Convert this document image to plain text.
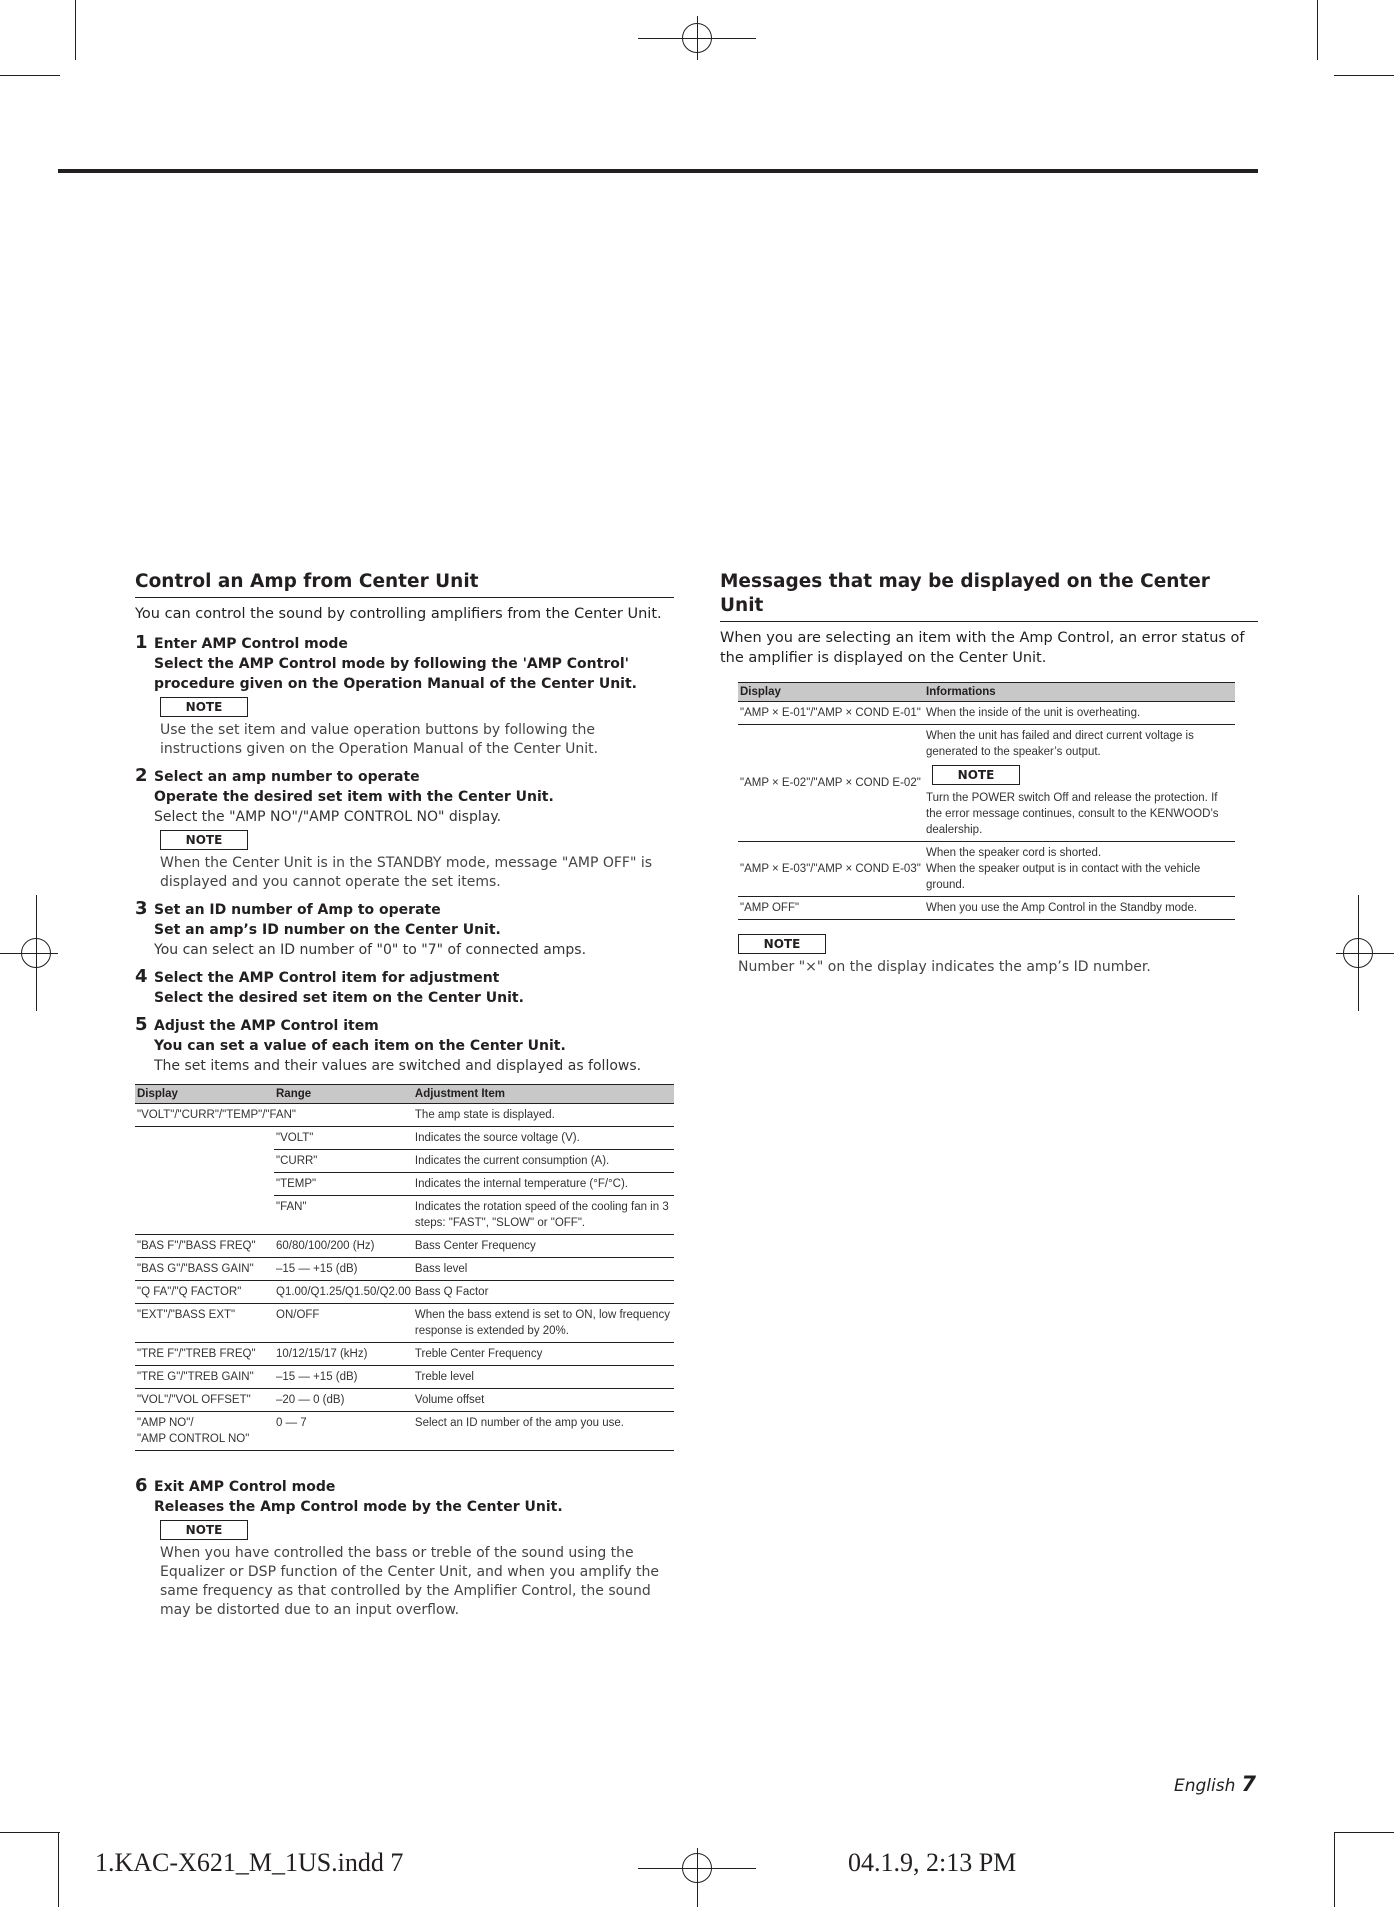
Control an Amp from Center Unit

You can control the sound by controlling amplifiers from the Center Unit.

1 Enter AMP Control mode
Select the AMP Control mode by following the 'AMP Control' procedure given on the Operation Manual of the Center Unit.
NOTE
Use the set item and value operation buttons by following the instructions given on the Operation Manual of the Center Unit.
2 Select an amp number to operate
Operate the desired set item with the Center Unit.
Select the "AMP NO"/"AMP CONTROL NO" display.
NOTE
When the Center Unit is in the STANDBY mode, message "AMP OFF" is displayed and you cannot operate the set items.
3 Set an ID number of Amp to operate
Set an amp’s ID number on the Center Unit.
You can select an ID number of "0" to "7" of connected amps.
4 Select the AMP Control item for adjustment
Select the desired set item on the Center Unit.
5 Adjust the AMP Control item
You can set a value of each item on the Center Unit.
The set items and their values are switched and displayed as follows.
Display	Range	Adjustment Item
"VOLT"/"CURR"/"TEMP"/"FAN"		The amp state is displayed.
	"VOLT"	Indicates the source voltage (V).
	"CURR"	Indicates the current consumption (A).
	"TEMP"	Indicates the internal temperature (°F/°C).
	"FAN"	Indicates the rotation speed of the cooling fan in 3 steps: "FAST", "SLOW" or "OFF".
"BAS F"/"BASS FREQ"	60/80/100/200 (Hz)	Bass Center Frequency
"BAS G"/"BASS GAIN"	–15 — +15 (dB)	Bass level
"Q FA"/"Q FACTOR"	Q1.00/Q1.25/Q1.50/Q2.00	Bass Q Factor
"EXT"/"BASS EXT"	ON/OFF	When the bass extend is set to ON, low frequency response is extended by 20%.
"TRE F"/"TREB FREQ"	10/12/15/17 (kHz)	Treble Center Frequency
"TRE G"/"TREB GAIN"	–15 — +15 (dB)	Treble level
"VOL"/"VOL OFFSET"	–20 — 0 (dB)	Volume offset

"AMP NO"/
"AMP CONTROL NO"	0 — 7	Select an ID number of the amp you use.
6 Exit AMP Control mode
Releases the Amp Control mode by the Center Unit.
NOTE
When you have controlled the bass or treble of the sound using the Equalizer or DSP function of the Center Unit, and when you amplify the same frequency as that controlled by the Amplifier Control, the sound may be distorted due to an input overflow.
Messages that may be displayed on the Center Unit

When you are selecting an item with the Amp Control, an error status of the amplifier is displayed on the Center Unit.

Display	Informations
"AMP × E-01"/"AMP × COND E-01"	When the inside of the unit is overheating.
"AMP × E-02"/"AMP × COND E-02"	When the unit has failed and direct current voltage is generated to the speaker’s output.
NOTE
Turn the POWER switch Off and release the protection. If the error message continues, consult to the KENWOOD’s dealership.

"AMP × E-03"/"AMP × COND E-03"	When the speaker cord is shorted.
When the speaker output is in contact with the vehicle ground.

"AMP OFF"	When you use the Amp Control in the Standby mode.
NOTE
Number "×" on the display indicates the amp’s ID number.
English 7
1.KAC-X621_M_1US.indd 7	04.1.9, 2:13 PM
